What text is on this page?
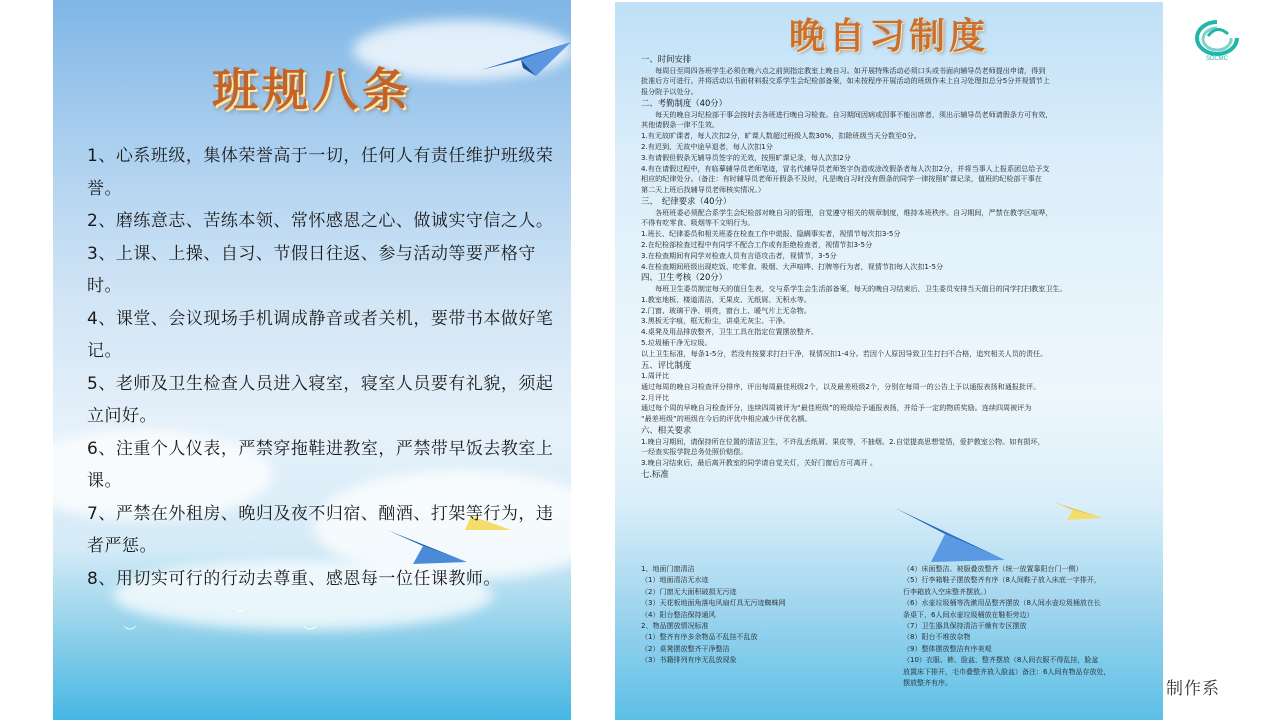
︶
︶	︶
班规八条
1、心系班级，集体荣誉高于一切，任何人有责任维护班级荣誉。
2、磨练意志、苦练本领、常怀感恩之心、做诚实守信之人。
3、上课、上操、自习、节假日往返、参与活动等要严格守时。
4、课堂、会议现场手机调成静音或者关机，要带书本做好笔记。
5、老师及卫生检查人员进入寝室，寝室人员要有礼貌，须起立问好。
6、注重个人仪表，严禁穿拖鞋进教室，严禁带早饭去教室上课。
7、严禁在外租房、晚归及夜不归宿、酗酒、打架等行为，违者严惩。
8、用切实可行的行动去尊重、感恩每一位任课教师。
晚自习制度
一、时间安排
　　每周日至周四各班学生必须在晚六点之前到指定教室上晚自习。如开展特殊活动必须口头或书面向辅导员老师提出申请，得到
批准后方可进行。并将活动以书面材料报交系学生会纪检部备案，如未按程序开展活动的班级作未上自习处理扣总分5分并视情节上
报分院予以处分。
二、考勤制度（40分）
　　每天的晚自习纪检部干事会按时去各班进行晚自习检查。自习期间因病或因事不能出席者，须出示辅导员老师请假条方可有效，
其他请假条一律不生效。
1.有无故旷课者，每人次扣2分，旷课人数超过班级人数30%，扣除班级当天分数至0分。
2.有迟到、无故中途早退者，每人次扣1分
3.有请假但假条无辅导员签字的无效，按照旷课记录，每人次扣2分
4.有在请假过程中，有临摹辅导员老师笔迹，冒名代辅导员老师签字伪造或涂改假条者每人次扣2分，并将当事人上报系团总给予支
相应的纪律处分。（备注：有时辅导员老师开假条不及时，凡是晚自习时没有假条的同学一律按照旷课记录，值班的纪检部干事在
第二天上班后找辅导员老师核实情况。）
三、　纪律要求（40分）
　　各班班委必须配合系学生会纪检部对晚自习的管理，自觉遵守相关的规章制度，维持本班秩序。自习期间，严禁在教学区喧哗，
不得有吃零食、吸烟等不文明行为。
1.班长、纪律委员和相关班委在检查工作中谎报、隐瞒事实者，视情节每次扣3-5分
2.在纪检部检查过程中有同学不配合工作或有拒绝检查者，视情节扣3-5分
3.在检查期间有同学对检查人员有言语攻击者，视情节，3-5分
4.在检查期间班级出现吃饭、吃零食、吸烟、大声喧哗、打牌等行为者，视情节扣每人次扣1-5分
四、卫生考核（20分）
　　每班卫生委员制定每天的值日生表，交与系学生会生活部备案，每天的晚自习结束后，卫生委员安排当天值日的同学打扫教室卫生。
1.教室地板、楼道清洁，无果皮、无纸屑、无积水等。
2.门窗、玻璃干净、明亮，窗台上、暖气片上无杂物。
3.黑板无字痕，框无粉尘，讲桌无灰尘、干净。
4.桌凳及用品排放整齐，卫生工具在指定位置摆放整齐。
5.垃圾桶干净无垃圾。
以上卫生标准，每条1-5分，若没有按要求打扫干净，视情况扣1-4分。若因个人原因导致卫生打扫不合格，追究相关人员的责任。
五、评比制度
1.周评比
通过每周的晚自习检查评分排序，评出每周最佳班级2个，以及最差班级2个，分别在每周一的公告上予以通报表扬和通报批评。
2.月评比
通过每个周的早晚自习检查评分，连续四周被评为“最佳班级”的班级给予通报表扬，并给予一定的物质奖励。连续四周被评为
“最差班级”的班级在今后的评优中相应减少评优名额。
六、相关要求
1.晚自习期间，请保持所在位置的清洁卫生，不许乱丢纸屑、果皮等，不抽烟。2.自觉提高思想觉悟，爱护教室公物。如有损坏，
一经查实报学院总务处照价赔偿。
3.晚自习结束后，最后离开教室的同学请自觉关灯，关好门窗后方可离开 。
七.标准
1、地面门窗清洁
（1）地面清洁无水迹
（2）门窗无大面积破损无污迹
（3）天花板地面角落电风扇灯具无污迹蜘蛛网
（4）阳台整洁保持通风
2、物品摆放情况标准
（1）整齐有序多余物品不乱挂不乱放
（2）桌凳摆放整齐干净整洁
（3）书籍排列有序无乱放现象
（4）床面整洁、被服叠放整齐（统一放置靠阳台门一侧）
（5）行李箱鞋子摆放整齐有序（8人间鞋子放入床底一字排开，
行李箱放入空床整齐摆放。）
（6）水壶垃圾桶等洗漱用品整齐摆放（8人间水壶垃圾桶放在长
条桌下，6人间水壶垃圾桶放在鞋柜旁边）
（7）卫生器具保持清洁干燥有专区摆放
（8）阳台不堆放杂物
（9）整体摆放整洁有序美观
（10）衣服、裤、脸盆、整齐摆放（8人间衣服不得乱挂，脸盆
放置床下排开，毛巾叠整齐放入脸盆）备注：6人间有物品存放处，
摆放整齐有序。
SDCMC
制作系
